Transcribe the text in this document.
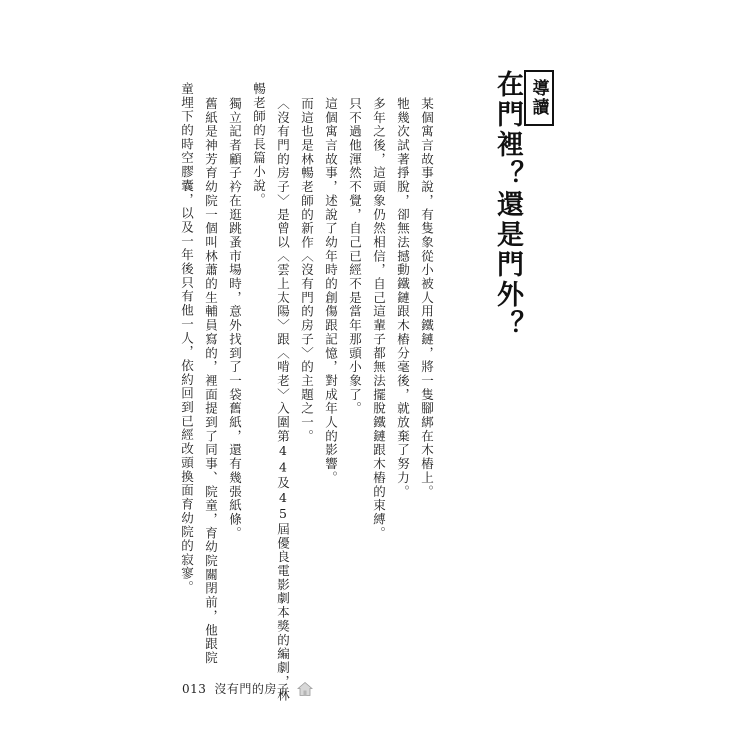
導讀
在門裡？還是門外？
某個寓言故事說，有隻象從小被人用鐵鏈，將一隻腳綁在木樁上。
牠幾次試著掙脫，卻無法撼動鐵鏈跟木樁分毫後，就放棄了努力。
多年之後，這頭象仍然相信，自己這輩子都無法擺脫鐵鏈跟木樁的束縛。
只不過他渾然不覺，自己已經不是當年那頭小象了。
這個寓言故事，述說了幼年時的創傷跟記憶，對成年人的影響。
而這也是林暢老師的新作〈沒有門的房子〉的主題之一。
〈沒有門的房子〉是曾以〈雲上太陽〉跟〈啃老〉入圍第44及45屆優良電影劇本獎的編劇，林
暢老師的長篇小說。
獨立記者顧子衿在逛跳蚤市場時，意外找到了一袋舊紙，還有幾張紙條。
舊紙是神芳育幼院一個叫林蕭的生輔員寫的，裡面提到了同事、院童，育幼院關閉前，他跟院
童埋下的時空膠囊，以及一年後只有他一人，依約回到已經改頭換面育幼院的寂寥。
013 沒有門的房子
